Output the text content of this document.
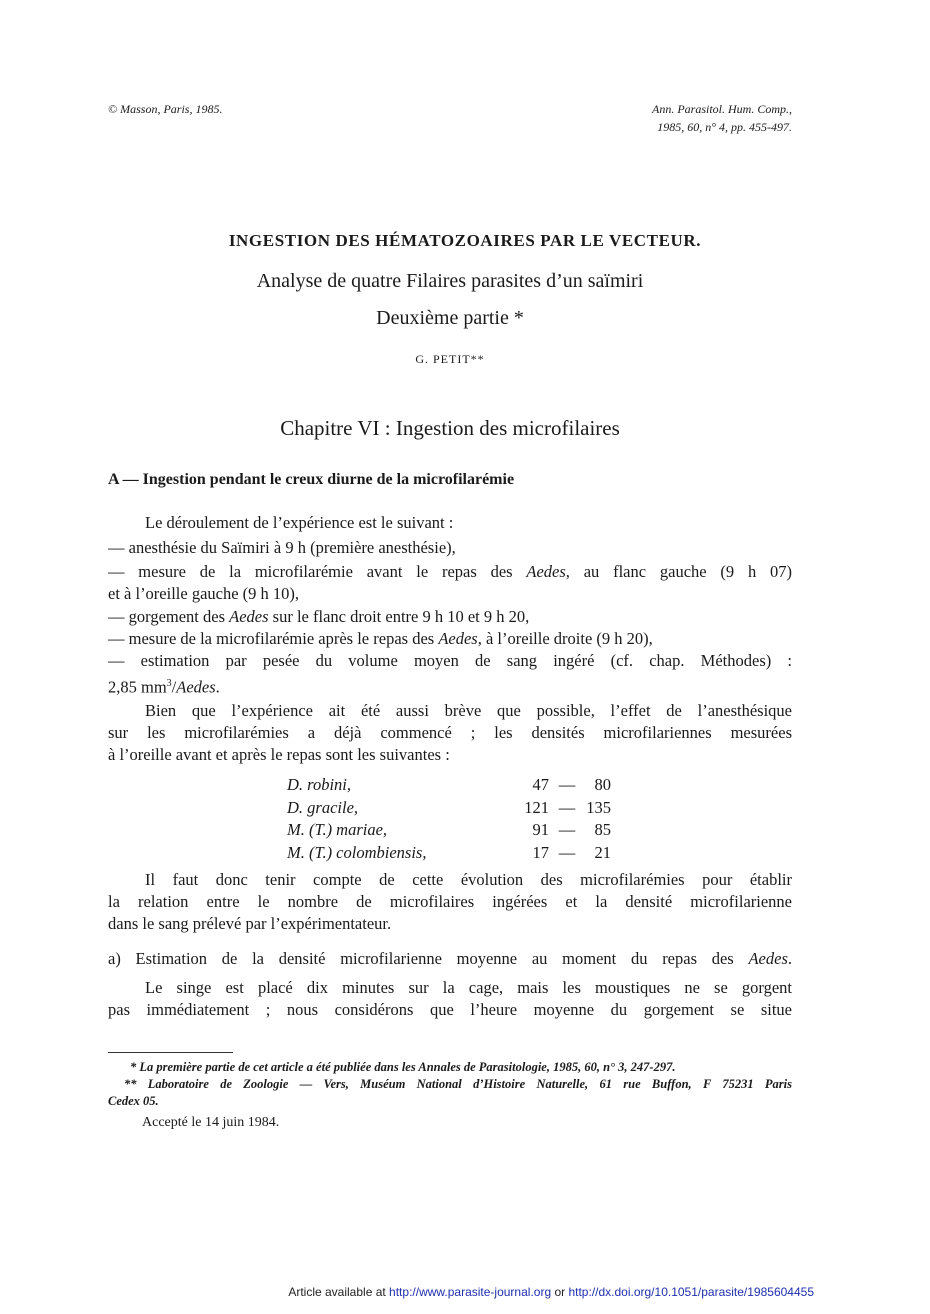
© Masson, Paris, 1985.	Ann. Parasitol. Hum. Comp.,
1985, 60, n° 4, pp. 455-497.
INGESTION DES HÉMATOZOAIRES PAR LE VECTEUR.
Analyse de quatre Filaires parasites d’un saïmiri
Deuxième partie *
G. PETIT**
Chapitre VI : Ingestion des microfilaires
A — Ingestion pendant le creux diurne de la microfilarémie
Le déroulement de l’expérience est le suivant :
— anesthésie du Saïmiri à 9 h (première anesthésie),
— mesure de la microfilarémie avant le repas des Aedes, au flanc gauche (9 h 07)
et à l’oreille gauche (9 h 10),
— gorgement des Aedes sur le flanc droit entre 9 h 10 et 9 h 20,
— mesure de la microfilarémie après le repas des Aedes, à l’oreille droite (9 h 20),
— estimation par pesée du volume moyen de sang ingéré (cf. chap. Méthodes) :
2,85 $mm^3$/Aedes.
Bien que l’expérience ait été aussi brève que possible, l’effet de l’anesthésique
sur les microfilarémies a déjà commencé ; les densités microfilariennes mesurées
à l’oreille avant et après le repas sont les suivantes :
D. robini,	47	—	80
D. gracile,	121	—	135
M. (T.) mariae,	91	—	85
M. (T.) colombiensis,	17	—	21
Il faut donc tenir compte de cette évolution des microfilarémies pour établir
la relation entre le nombre de microfilaires ingérées et la densité microfilarienne
dans le sang prélevé par l’expérimentateur.
a) Estimation de la densité microfilarienne moyenne au moment du repas des Aedes.
Le singe est placé dix minutes sur la cage, mais les moustiques ne se gorgent
pas immédiatement ; nous considérons que l’heure moyenne du gorgement se situe
* La première partie de cet article a été publiée dans les Annales de Parasitologie, 1985, 60, n° 3, 247-297.
** Laboratoire de Zoologie — Vers, Muséum National d’Histoire Naturelle, 61 rue Buffon, F 75231 Paris
Cedex 05.
Accepté le 14 juin 1984.
Article available at http://www.parasite-journal.org or http://dx.doi.org/10.1051/parasite/1985604455
